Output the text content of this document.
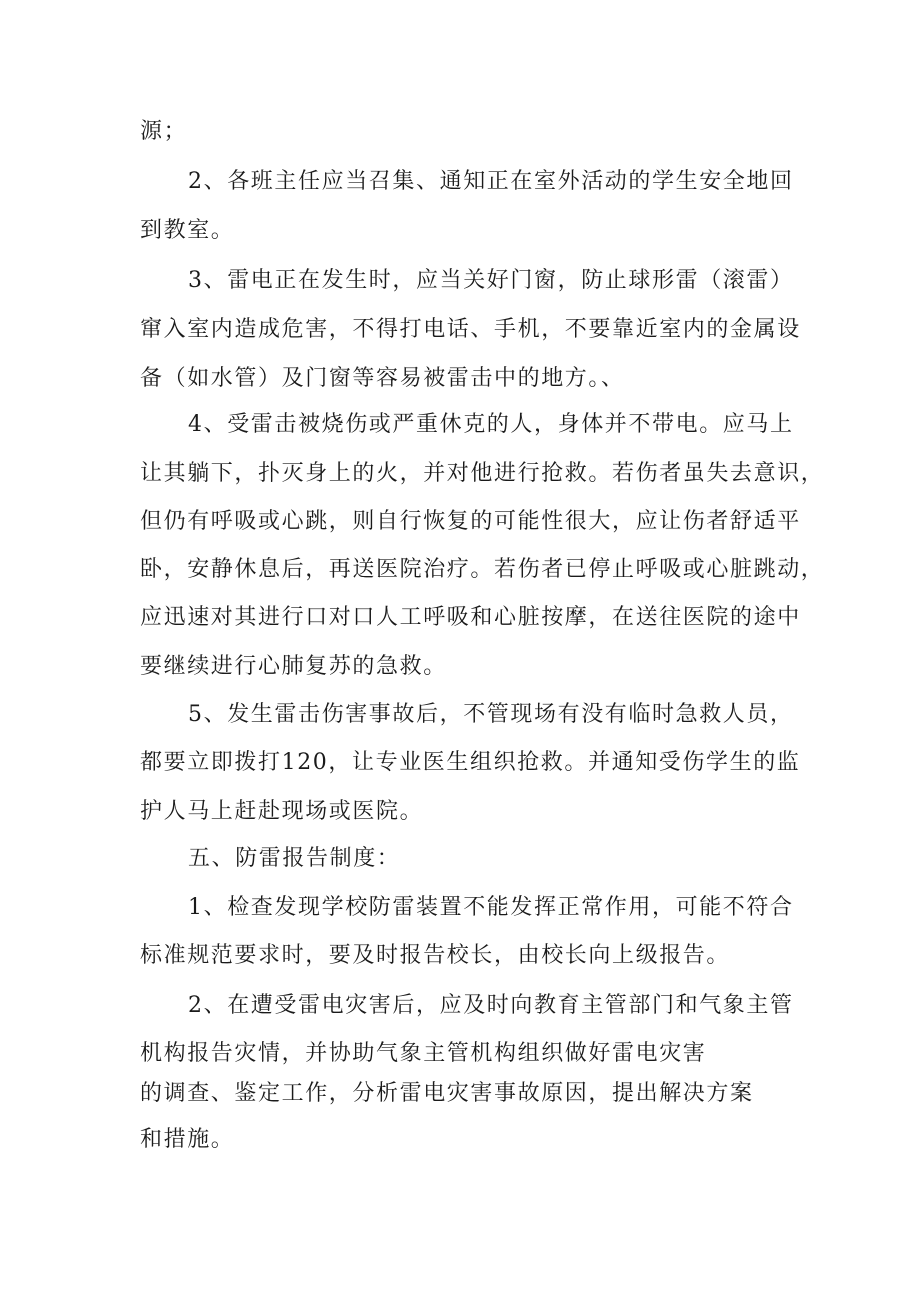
源；
2、各班主任应当召集、通知正在室外活动的学生安全地回
到教室。
3、雷电正在发生时，应当关好门窗，防止球形雷（滚雷）
窜入室内造成危害，不得打电话、手机，不要靠近室内的金属设
备（如水管）及门窗等容易被雷击中的地方。、
4、受雷击被烧伤或严重休克的人，身体并不带电。应马上
让其躺下，扑灭身上的火，并对他进行抢救。若伤者虽失去意识，
但仍有呼吸或心跳，则自行恢复的可能性很大，应让伤者舒适平
卧，安静休息后，再送医院治疗。若伤者已停止呼吸或心脏跳动，
应迅速对其进行口对口人工呼吸和心脏按摩，在送往医院的途中
要继续进行心肺复苏的急救。
5、发生雷击伤害事故后，不管现场有没有临时急救人员，
都要立即拨打120，让专业医生组织抢救。并通知受伤学生的监
护人马上赶赴现场或医院。
五、防雷报告制度：
1、检查发现学校防雷装置不能发挥正常作用，可能不符合
标准规范要求时，要及时报告校长，由校长向上级报告。
2、在遭受雷电灾害后，应及时向教育主管部门和气象主管
机构报告灾情，并协助气象主管机构组织做好雷电灾害
的调查、鉴定工作，分析雷电灾害事故原因，提出解决方案
和措施。
